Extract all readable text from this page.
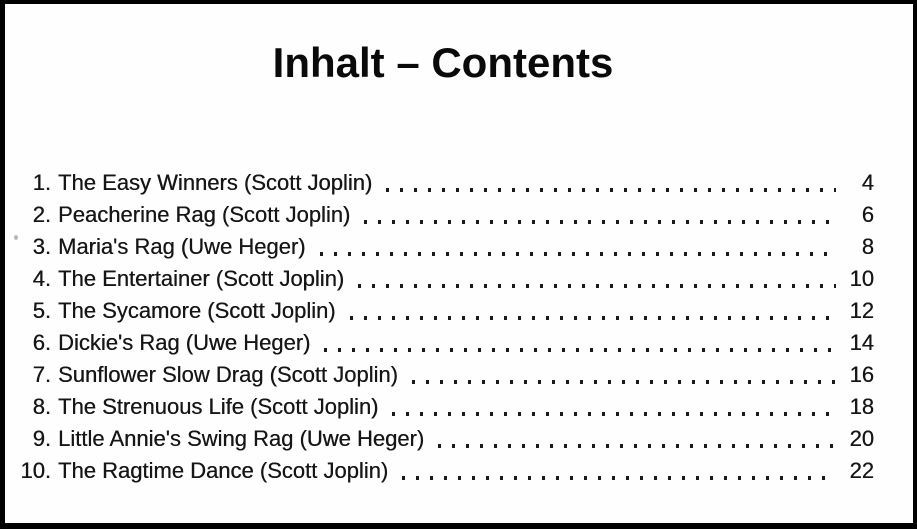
Inhalt – Contents
1. The Easy Winners (Scott Joplin)	4
2. Peacherine Rag (Scott Joplin)	6
3. Maria's Rag (Uwe Heger)	8
4. The Entertainer (Scott Joplin)	10
5. The Sycamore (Scott Joplin)	12
6. Dickie's Rag (Uwe Heger)	14
7. Sunflower Slow Drag (Scott Joplin)	16
8. The Strenuous Life (Scott Joplin)	18
9. Little Annie's Swing Rag (Uwe Heger)	20
10. The Ragtime Dance (Scott Joplin)	22
